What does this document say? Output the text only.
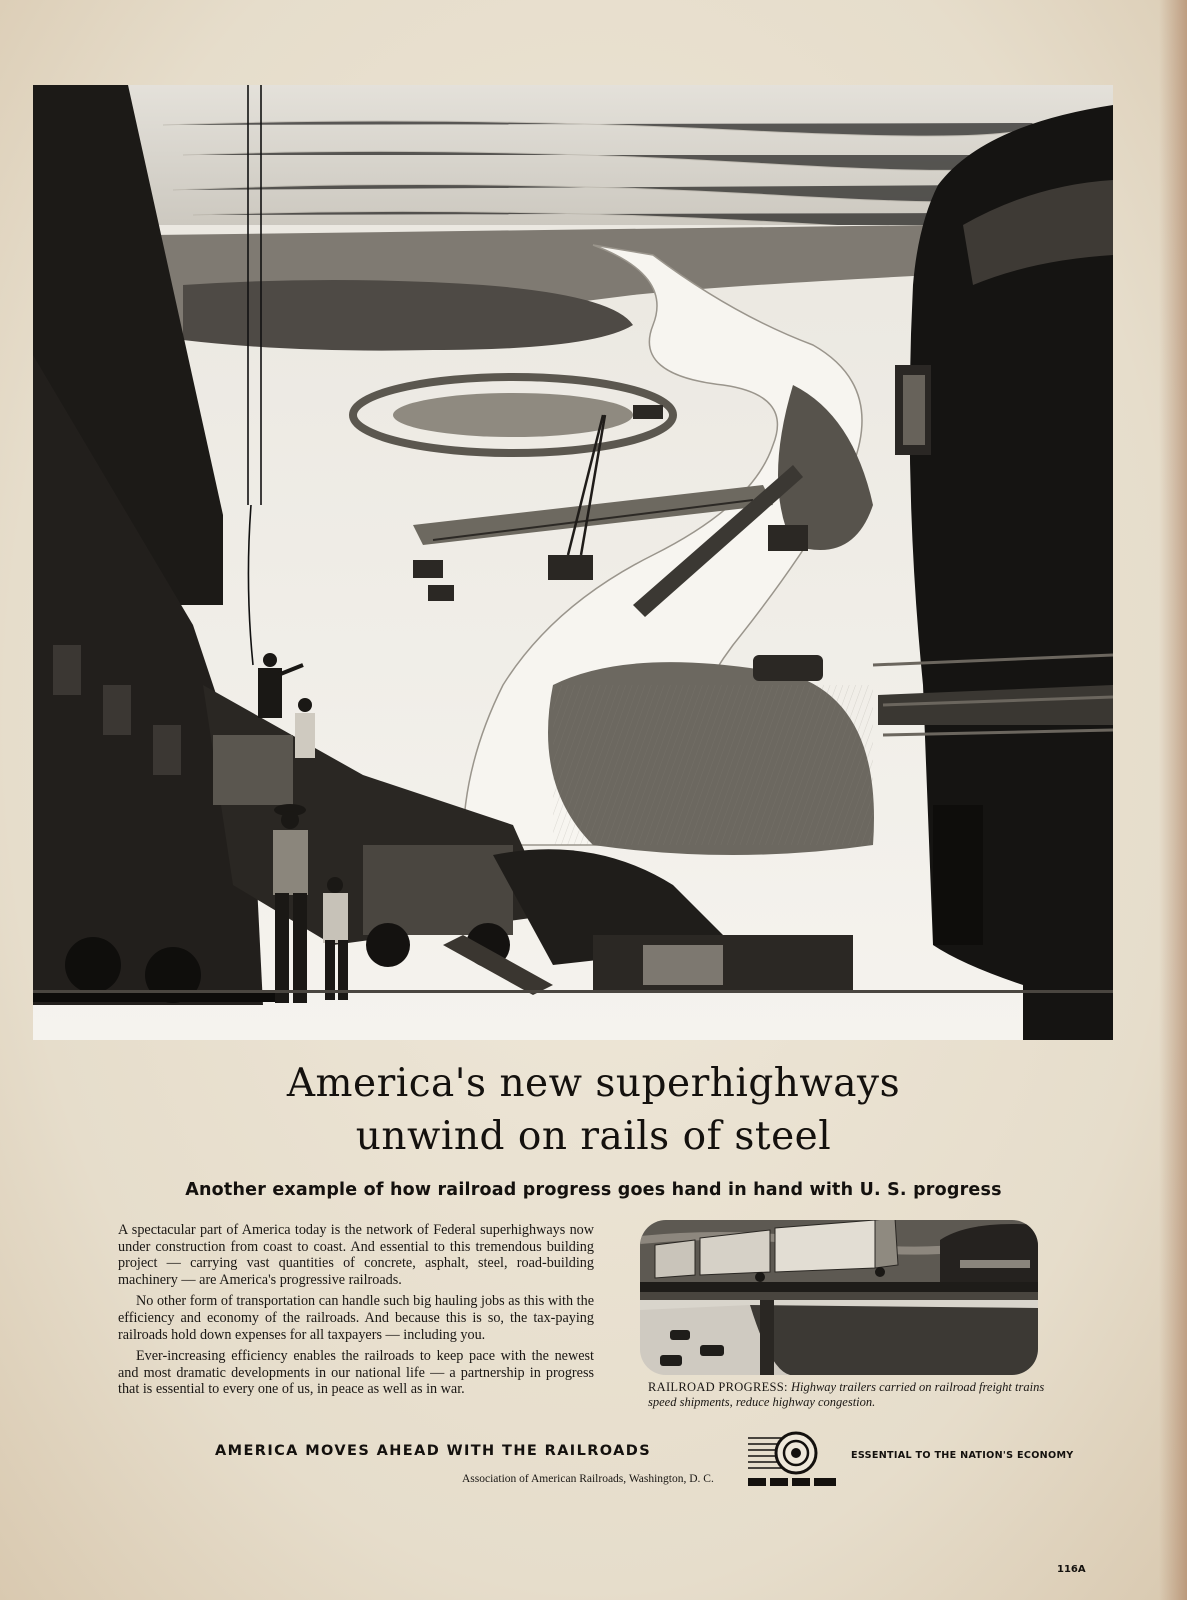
America's new superhighways
unwind on rails of steel
Another example of how railroad progress goes hand in hand with U. S. progress

A spectacular part of America today is the network of Federal superhighways now under construction from coast to coast. And essential to this tremendous building project — carrying vast quantities of concrete, asphalt, steel, road-building machinery — are America's progressive railroads.

No other form of transportation can handle such big hauling jobs as this with the efficiency and economy of the railroads. And because this is so, the tax-paying railroads hold down expenses for all taxpayers — including you.

Ever-increasing efficiency enables the railroads to keep pace with the newest and most dramatic developments in our national life — a partnership in progress that is essential to every one of us, in peace as well as in war.	RAILROAD PROGRESS: Highway trailers carried on railroad freight trains speed shipments, reduce highway congestion.
AMERICA MOVES AHEAD WITH THE RAILROADS
Association of American Railroads, Washington, D. C.
ESSENTIAL TO THE NATION'S ECONOMY
116A
